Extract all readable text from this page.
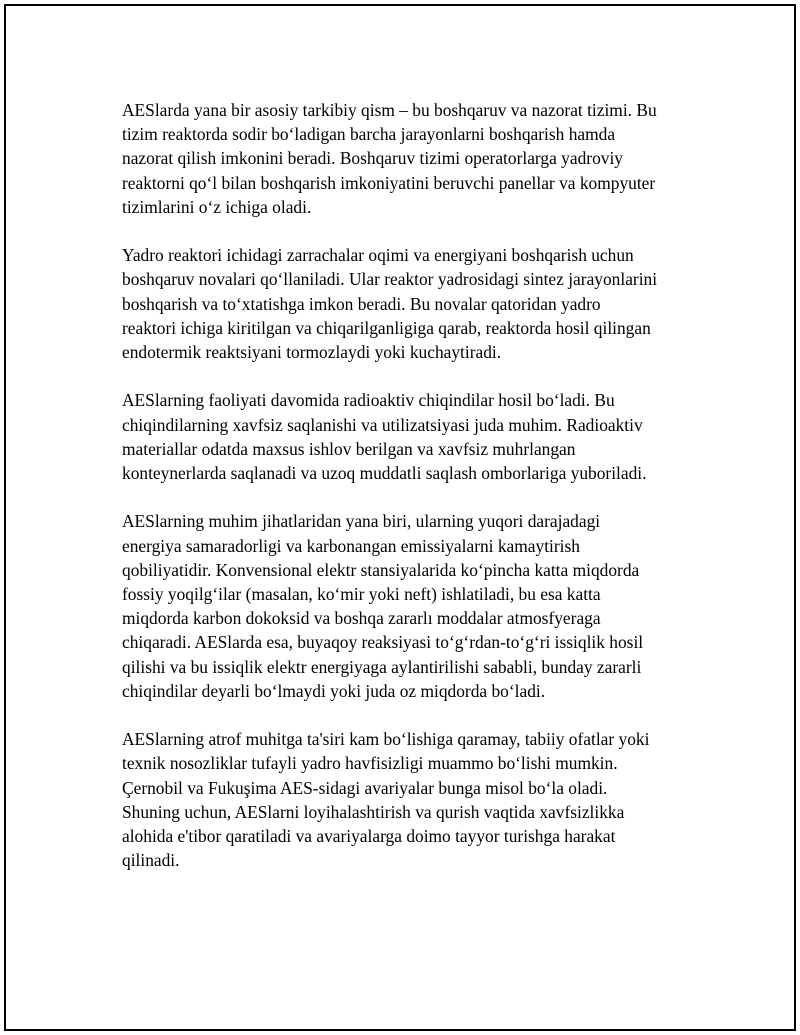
AESlarda yana bir asosiy tarkibiy qism – bu boshqaruv va nazorat tizimi. Bu
tizim reaktorda sodir boʻladigan barcha jarayonlarni boshqarish hamda
nazorat qilish imkonini beradi. Boshqaruv tizimi operatorlarga yadroviy
reaktorni qoʻl bilan boshqarish imkoniyatini beruvchi panellar va kompyuter
tizimlarini oʻz ichiga oladi.

Yadro reaktori ichidagi zarrachalar oqimi va energiyani boshqarish uchun
boshqaruv novalari qoʻllaniladi. Ular reaktor yadrosidagi sintez jarayonlarini
boshqarish va toʻxtatishga imkon beradi. Bu novalar qatoridan yadro
reaktori ichiga kiritilgan va chiqarilganligiga qarab, reaktorda hosil qilingan
endotermik reaktsiyani tormozlaydi yoki kuchaytiradi.

AESlarning faoliyati davomida radioaktiv chiqindilar hosil boʻladi. Bu
chiqindilarning xavfsiz saqlanishi va utilizatsiyasi juda muhim. Radioaktiv
materiallar odatda maxsus ishlov berilgan va xavfsiz muhrlangan
konteynerlarda saqlanadi va uzoq muddatli saqlash omborlariga yuboriladi.

AESlarning muhim jihatlaridan yana biri, ularning yuqori darajadagi
energiya samaradorligi va karbonangan emissiyalarni kamaytirish
qobiliyatidir. Konvensional elektr stansiyalarida koʻpincha katta miqdorda
fossiy yoqilgʻilar (masalan, koʻmir yoki neft) ishlatiladi, bu esa katta
miqdorda karbon dokoksid va boshqa zararlı moddalar atmosfyeraga
chiqaradi. AESlarda esa, buyaqoy reaksiyasi toʻgʻrdan-toʻgʻri issiqlik hosil
qilishi va bu issiqlik elektr energiyaga aylantirilishi sababli, bunday zararli
chiqindilar deyarli boʻlmaydi yoki juda oz miqdorda boʻladi.

AESlarning atrof muhitga ta'siri kam boʻlishiga qaramay, tabiiy ofatlar yoki
texnik nosozliklar tufayli yadro havfisizligi muammo boʻlishi mumkin.
Çernobil va Fukuşima AES-sidagi avariyalar bunga misol boʻla oladi.
Shuning uchun, AESlarni loyihalashtirish va qurish vaqtida xavfsizlikka
alohida e'tibor qaratiladi va avariyalarga doimo tayyor turishga harakat
qilinadi.
